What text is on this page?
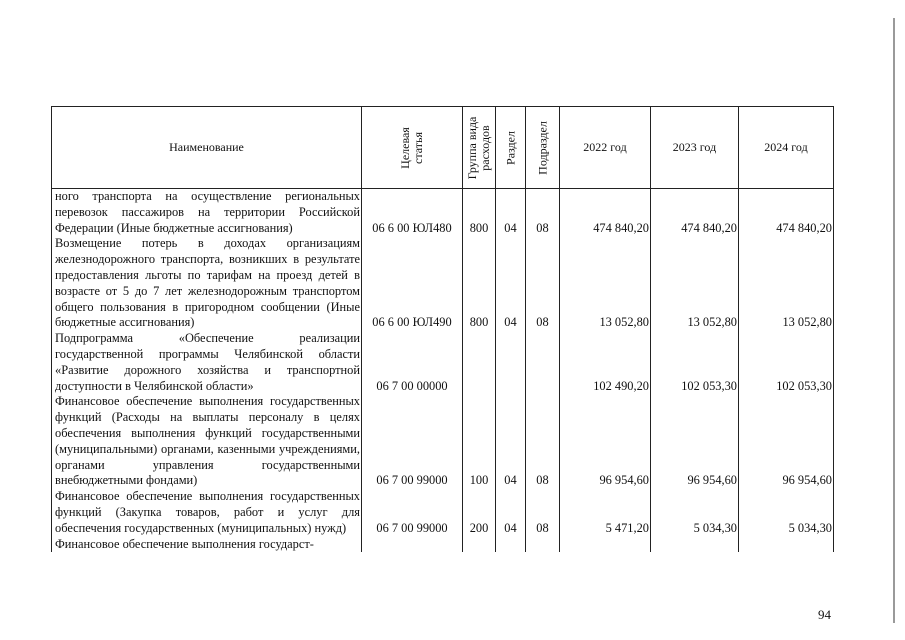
Наименование	Целевая статья	Группа вида расходов	Раздел	Подраздел	2022 год	2023 год	2024 год
ного транспорта на осуществление региональных перевозок пассажиров на территории Российской Федерации (Иные бюджетные ассигнования)	06 6 00 ЮЛ480	800	04	08	474 840,20	474 840,20	474 840,20
Возмещение потерь в доходах организациям железнодорожного транспорта, возникших в результате предоставления льготы по тарифам на проезд детей в возрасте от 5 до 7 лет железнодорожным транспортом общего пользования в пригородном сообщении (Иные бюджетные ассигнования)	06 6 00 ЮЛ490	800	04	08	13 052,80	13 052,80	13 052,80
Подпрограмма «Обеспечение реализации государственной программы Челябинской области «Развитие дорожного хозяйства и транспортной доступности в Челябинской области»	06 7 00 00000				102 490,20	102 053,30	102 053,30
Финансовое обеспечение выполнения государственных функций (Расходы на выплаты персоналу в целях обеспечения выполнения функций государственными (муниципальными) органами, казенными учреждениями, органами управления государственными внебюджетными фондами)	06 7 00 99000	100	04	08	96 954,60	96 954,60	96 954,60
Финансовое обеспечение выполнения государственных функций (Закупка товаров, работ и услуг для обеспечения государственных (муниципальных) нужд)	06 7 00 99000	200	04	08	5 471,20	5 034,30	5 034,30
Финансовое обеспечение выполнения государст-							
94
